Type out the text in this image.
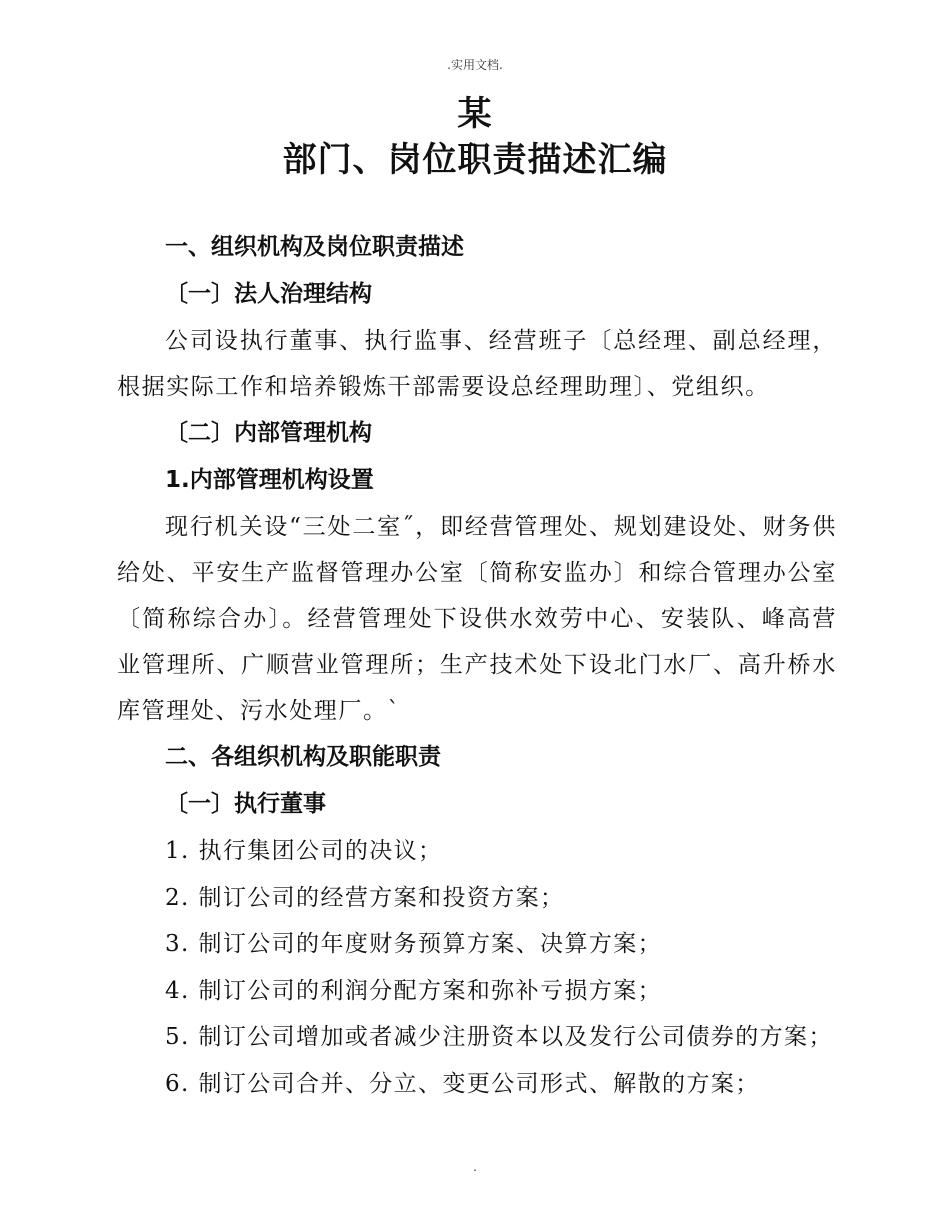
.实用文档.
某
部门、岗位职责描述汇编

一、组织机构及岗位职责描述

〔一〕法人治理结构

公司设执行董事、执行监事、经营班子〔总经理、副总经理，根据实际工作和培养锻炼干部需要设总经理助理〕、党组织。

〔二〕内部管理机构

1.内部管理机构设置

现行机关设“三处二室˝，即经营管理处、规划建设处、财务供给处、平安生产监督管理办公室〔简称安监办〕和综合管理办公室〔简称综合办〕。经营管理处下设供水效劳中心、安装队、峰高营业管理所、广顺营业管理所；生产技术处下设北门水厂、高升桥水库管理处、污水处理厂。`

二、各组织机构及职能职责

〔一〕执行董事

1. 执行集团公司的决议；

2. 制订公司的经营方案和投资方案；

3. 制订公司的年度财务预算方案、决算方案；

4. 制订公司的利润分配方案和弥补亏损方案；

5. 制订公司增加或者减少注册资本以及发行公司债券的方案；

6. 制订公司合并、分立、变更公司形式、解散的方案；

.
